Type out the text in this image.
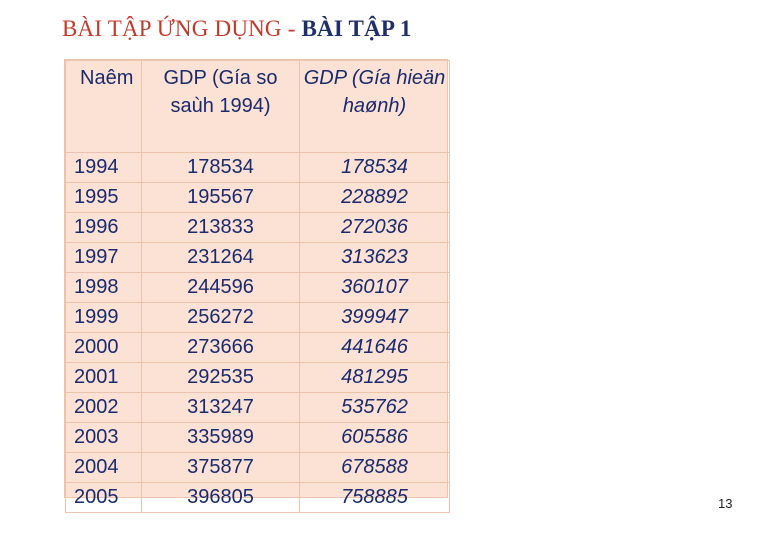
BÀI TẬP ỨNG DỤNG - BÀI TẬP 1
Naêm	GDP (Gía so saùh 1994)	GDP (Gía hieän haønh)
1994	178534	178534
1995	195567	228892
1996	213833	272036
1997	231264	313623
1998	244596	360107
1999	256272	399947
2000	273666	441646
2001	292535	481295
2002	313247	535762
2003	335989	605586
2004	375877	678588
2005	396805	758885	13
